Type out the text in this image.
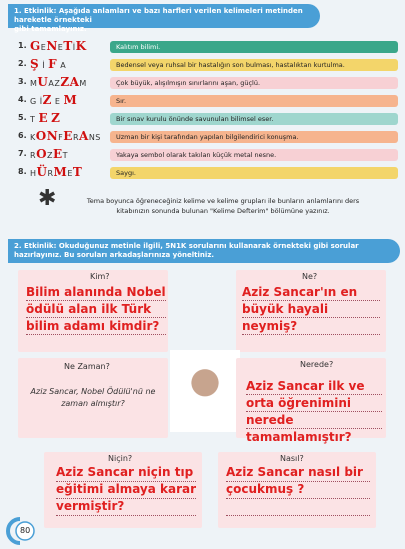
1. Etkinlik: Aşağıda anlamları ve bazı harfleri verilen kelimeleri metinden hareketle örnekteki
gibi tamamlayınız.
1. GENETİK	Kalıtım bilimi.
2. Ş İ F A	Bedensel veya ruhsal bir hastalığın son bulması, hastalıktan kurtulma.
3. MUAZZAM	Çok büyük, alışılmışın sınırlarını aşan, güçlü.
4. G İZ E M	Sır.
5. T E Z	Bir sınav kurulu önünde savunulan bilimsel eser.
6. KONFERANS	Uzman bir kişi tarafından yapılan bilgilendirici konuşma.
7. ROZET	Yakaya sembol olarak takılan küçük metal nesne.
8. HÜRMET	Saygı.
✱	Tema boyunca öğreneceğiniz kelime ve kelime grupları ile bunların anlamlarını ders
kitabınızın sonunda bulunan "Kelime Defterim" bölümüne yazınız.
2. Etkinlik: Okuduğunuz metinle ilgili, 5N1K sorularını kullanarak örnekteki gibi sorular
hazırlayınız. Bu soruları arkadaşlarınıza yöneltiniz.
Kim?
Bilim alanında Nobel ödülü alan ilk Türk bilim adamı kimdir?
Ne?
Aziz Sancar'ın en büyük hayali neymiş?
Ne Zaman?
Aziz Sancar, Nobel Ödülü'nü ne zaman almıştır?
Nerede?
Aziz Sancar ilk ve orta öğrenimini nerede tamamlamıştır?
Niçin?
Aziz Sancar niçin tıp eğitimi almaya karar vermiştir?
Nasıl?
Aziz Sancar nasıl bir çocukmuş ?
80
